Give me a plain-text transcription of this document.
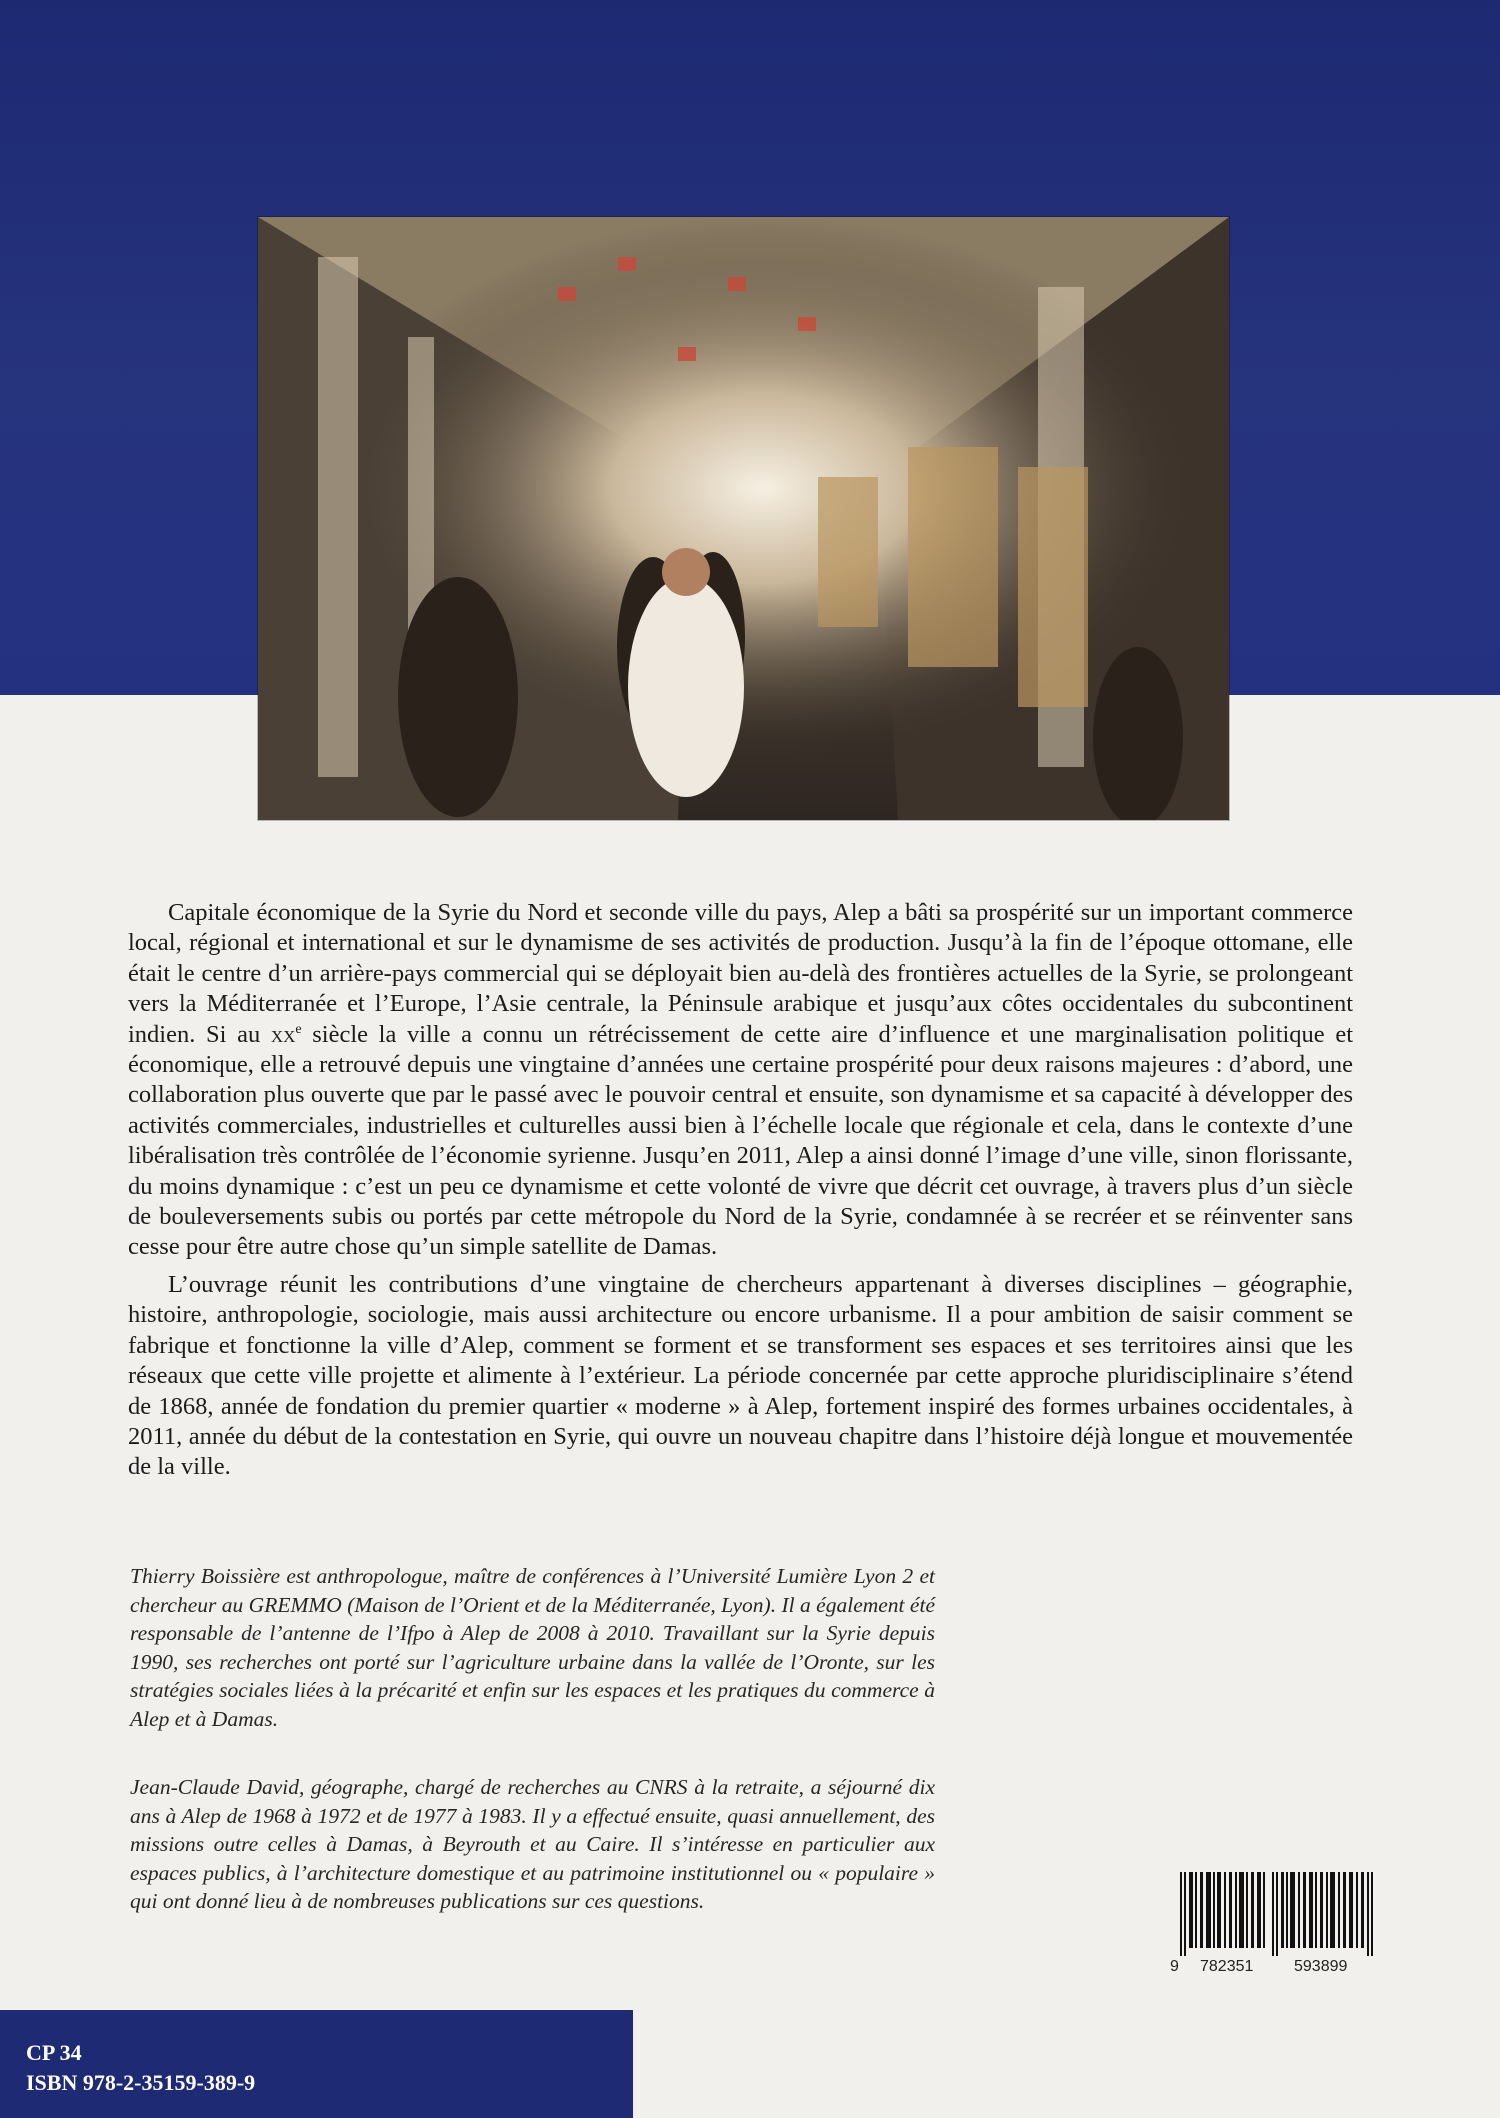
Capitale économique de la Syrie du Nord et seconde ville du pays, Alep a bâti sa prospérité sur un important commerce local, régional et international et sur le dynamisme de ses activités de production. Jusqu’à la fin de l’époque ottomane, elle était le centre d’un arrière-pays commercial qui se déployait bien au-delà des frontières actuelles de la Syrie, se prolongeant vers la Méditerranée et l’Europe, l’Asie centrale, la Péninsule arabique et jusqu’aux côtes occidentales du subcontinent indien. Si au $xx^e$ siècle la ville a connu un rétrécissement de cette aire d’influence et une marginalisation politique et économique, elle a retrouvé depuis une vingtaine d’années une certaine prospérité pour deux raisons majeures : d’abord, une collaboration plus ouverte que par le passé avec le pouvoir central et ensuite, son dynamisme et sa capacité à développer des activités commerciales, industrielles et culturelles aussi bien à l’échelle locale que régionale et cela, dans le contexte d’une libéralisation très contrôlée de l’économie syrienne. Jusqu’en 2011, Alep a ainsi donné l’image d’une ville, sinon florissante, du moins dynamique : c’est un peu ce dynamisme et cette volonté de vivre que décrit cet ouvrage, à travers plus d’un siècle de bouleversements subis ou portés par cette métropole du Nord de la Syrie, condamnée à se recréer et se réinventer sans cesse pour être autre chose qu’un simple satellite de Damas.

L’ouvrage réunit les contributions d’une vingtaine de chercheurs appartenant à diverses disciplines – géographie, histoire, anthropologie, sociologie, mais aussi architecture ou encore urbanisme. Il a pour ambition de saisir comment se fabrique et fonctionne la ville d’Alep, comment se forment et se transforment ses espaces et ses territoires ainsi que les réseaux que cette ville projette et alimente à l’extérieur. La période concernée par cette approche pluridisciplinaire s’étend de 1868, année de fondation du premier quartier « moderne » à Alep, fortement inspiré des formes urbaines occidentales, à 2011, année du début de la contestation en Syrie, qui ouvre un nouveau chapitre dans l’histoire déjà longue et mouvementée de la ville.

Thierry Boissière est anthropologue, maître de conférences à l’Université Lumière Lyon 2 et chercheur au GREMMO (Maison de l’Orient et de la Méditerranée, Lyon). Il a également été responsable de l’antenne de l’Ifpo à Alep de 2008 à 2010. Travaillant sur la Syrie depuis 1990, ses recherches ont porté sur l’agriculture urbaine dans la vallée de l’Oronte, sur les stratégies sociales liées à la précarité et enfin sur les espaces et les pratiques du commerce à Alep et à Damas.

Jean-Claude David, géographe, chargé de recherches au CNRS à la retraite, a séjourné dix ans à Alep de 1968 à 1972 et de 1977 à 1983. Il y a effectué ensuite, quasi annuellement, des missions outre celles à Damas, à Beyrouth et au Caire. Il s’intéresse en particulier aux espaces publics, à l’architecture domestique et au patrimoine institutionnel ou « populaire » qui ont donné lieu à de nombreuses publications sur ces questions.

9 782351	593899
CP 34
ISBN 978-2-35159-389-9
